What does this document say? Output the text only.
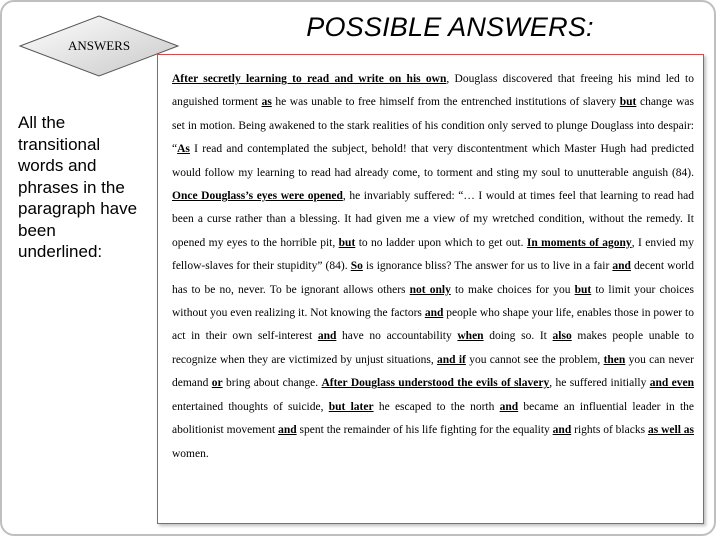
ANSWERS
POSSIBLE ANSWERS:
All the transitional words and phrases in the paragraph have been underlined:
After secretly learning to read and write on his own, Douglass discovered that freeing his mind led to anguished torment as he was unable to free himself from the entrenched institutions of slavery but change was set in motion. Being awakened to the stark realities of his condition only served to plunge Douglass into despair: “As I read and contemplated the subject, behold! that very discontentment which Master Hugh had predicted would follow my learning to read had already come, to torment and sting my soul to unutterable anguish (84). Once Douglass’s eyes were opened, he invariably suffered: “… I would at times feel that learning to read had been a curse rather than a blessing. It had given me a view of my wretched condition, without the remedy. It opened my eyes to the horrible pit, but to no ladder upon which to get out. In moments of agony, I envied my fellow-slaves for their stupidity” (84). So is ignorance bliss? The answer for us to live in a fair and decent world has to be no, never. To be ignorant allows others not only to make choices for you but to limit your choices without you even realizing it. Not knowing the factors and people who shape your life, enables those in power to act in their own self-interest and have no accountability when doing so. It also makes people unable to recognize when they are victimized by unjust situations, and if you cannot see the problem, then you can never demand or bring about change. After Douglass understood the evils of slavery, he suffered initially and even entertained thoughts of suicide, but later he escaped to the north and became an influential leader in the abolitionist movement and spent the remainder of his life fighting for the equality and rights of blacks as well as women.
